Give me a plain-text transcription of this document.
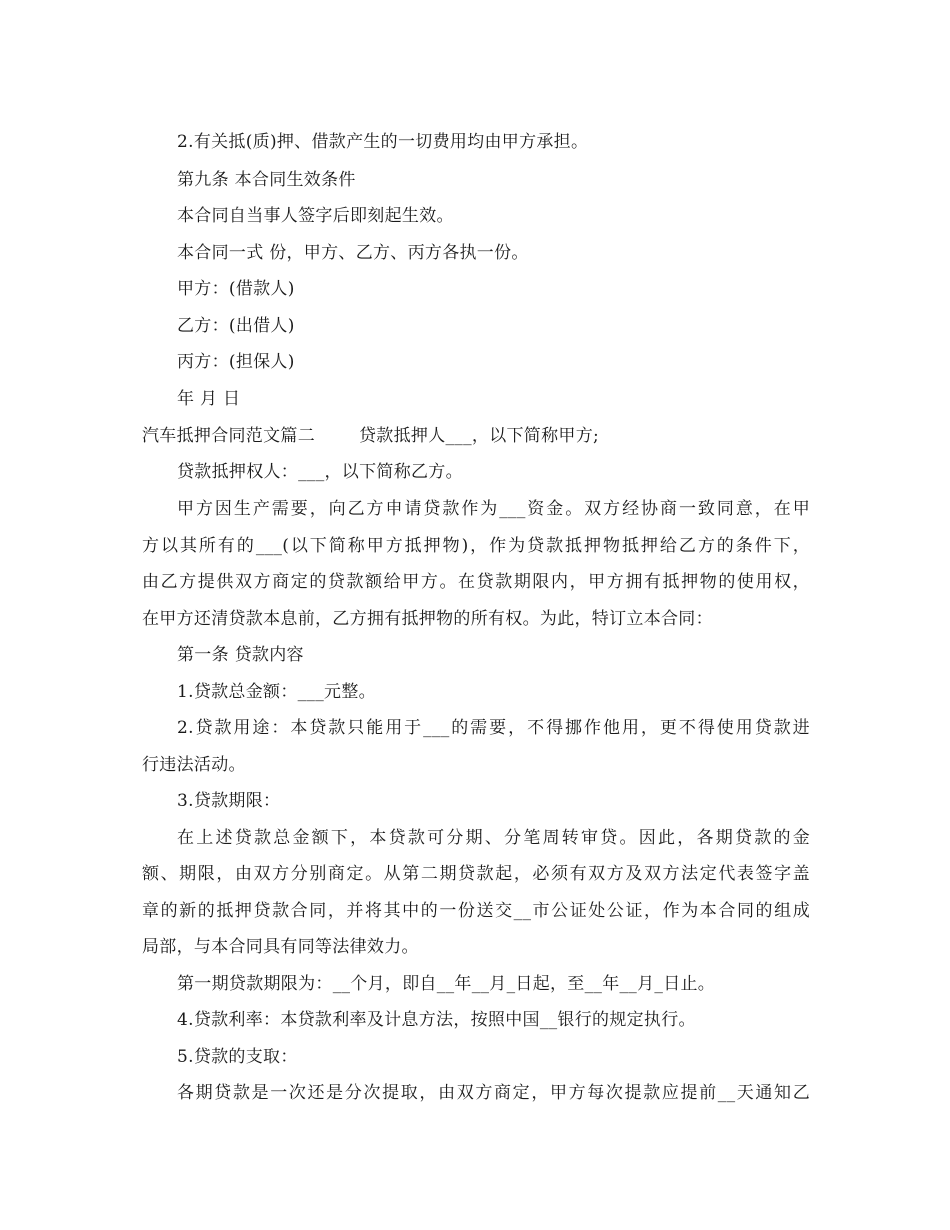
2.有关抵(质)押、借款产生的一切费用均由甲方承担。
第九条 本合同生效条件
本合同自当事人签字后即刻起生效。
本合同一式 份，甲方、乙方、丙方各执一份。
甲方：(借款人)
乙方：(出借人)
丙方：(担保人)
年 月 日
汽车抵押合同范文篇二	贷款抵押人___，以下简称甲方;
贷款抵押权人：___，以下简称乙方。
甲方因生产需要，向乙方申请贷款作为___资金。双方经协商一致同意，在甲
方以其所有的___(以下简称甲方抵押物)，作为贷款抵押物抵押给乙方的条件下，
由乙方提供双方商定的贷款额给甲方。在贷款期限内，甲方拥有抵押物的使用权，
在甲方还清贷款本息前，乙方拥有抵押物的所有权。为此，特订立本合同：
第一条 贷款内容
1.贷款总金额：___元整。
2.贷款用途：本贷款只能用于___的需要，不得挪作他用，更不得使用贷款进
行违法活动。
3.贷款期限：
在上述贷款总金额下，本贷款可分期、分笔周转审贷。因此，各期贷款的金
额、期限，由双方分别商定。从第二期贷款起，必须有双方及双方法定代表签字盖
章的新的抵押贷款合同，并将其中的一份送交__市公证处公证，作为本合同的组成
局部，与本合同具有同等法律效力。
第一期贷款期限为：__个月，即自__年__月_日起，至__年__月_日止。
4.贷款利率：本贷款利率及计息方法，按照中国__银行的规定执行。
5.贷款的支取：
各期贷款是一次还是分次提取，由双方商定，甲方每次提款应提前__天通知乙
